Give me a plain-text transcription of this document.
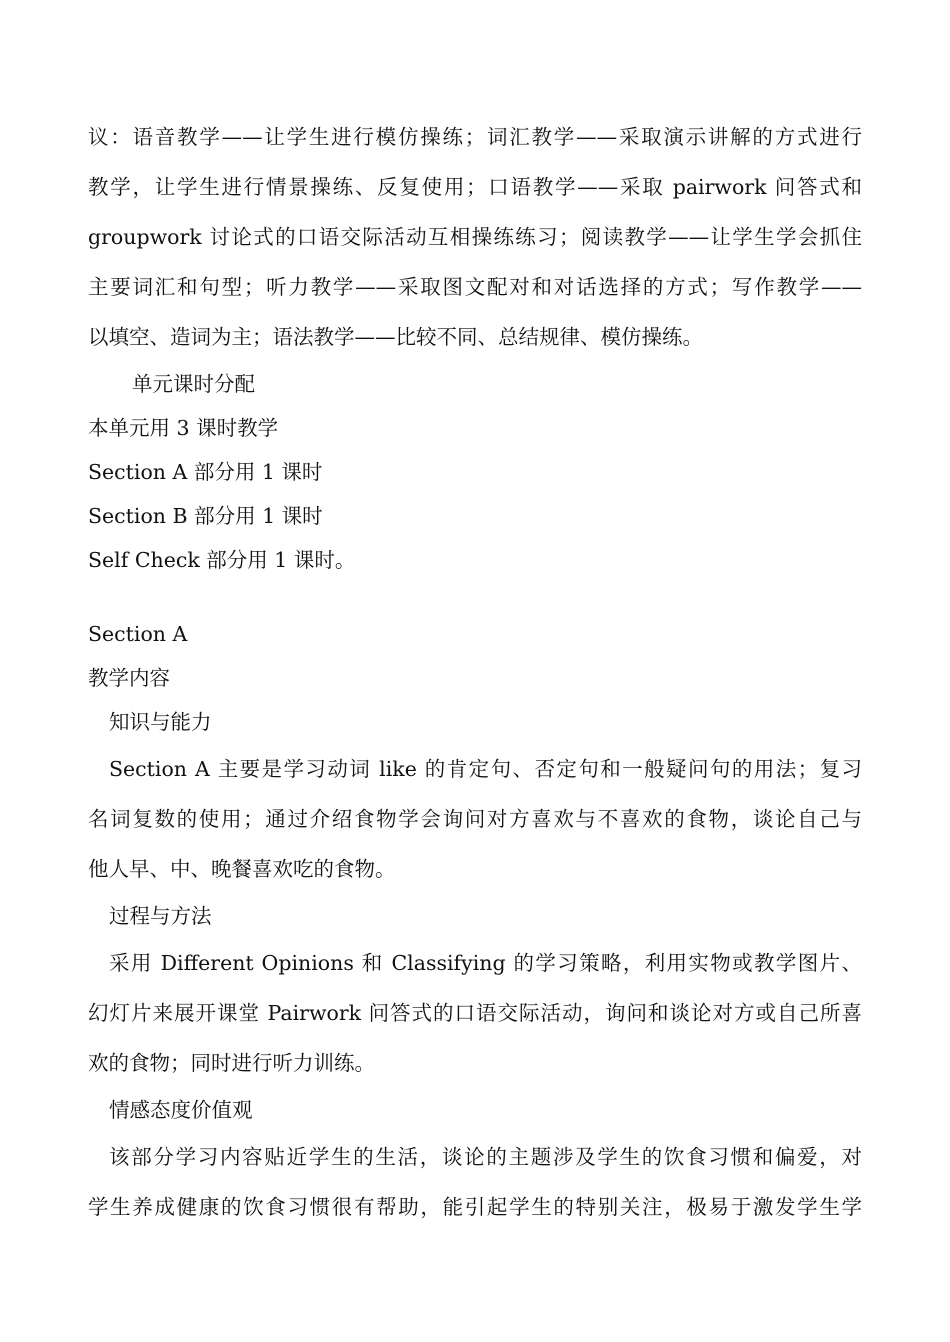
议：语音教学——让学生进行模仿操练；词汇教学——采取演示讲解的方式进行
教学，让学生进行情景操练、反复使用；口语教学——采取 pairwork 问答式和
groupwork 讨论式的口语交际活动互相操练练习；阅读教学——让学生学会抓住
主要词汇和句型；听力教学——采取图文配对和对话选择的方式；写作教学——
以填空、造词为主；语法教学——比较不同、总结规律、模仿操练。
单元课时分配
本单元用 3 课时教学
Section A 部分用 1 课时
Section B 部分用 1 课时
Self Check 部分用 1 课时。
Section A
教学内容
知识与能力
Section A 主要是学习动词 like 的肯定句、否定句和一般疑问句的用法；复习
名词复数的使用；通过介绍食物学会询问对方喜欢与不喜欢的食物，谈论自己与
他人早、中、晚餐喜欢吃的食物。
过程与方法
采用 Different Opinions 和 Classifying 的学习策略，利用实物或教学图片、
幻灯片来展开课堂 Pairwork 问答式的口语交际活动，询问和谈论对方或自己所喜
欢的食物；同时进行听力训练。
情感态度价值观
该部分学习内容贴近学生的生活，谈论的主题涉及学生的饮食习惯和偏爱，对
学生养成健康的饮食习惯很有帮助，能引起学生的特别关注，极易于激发学生学
